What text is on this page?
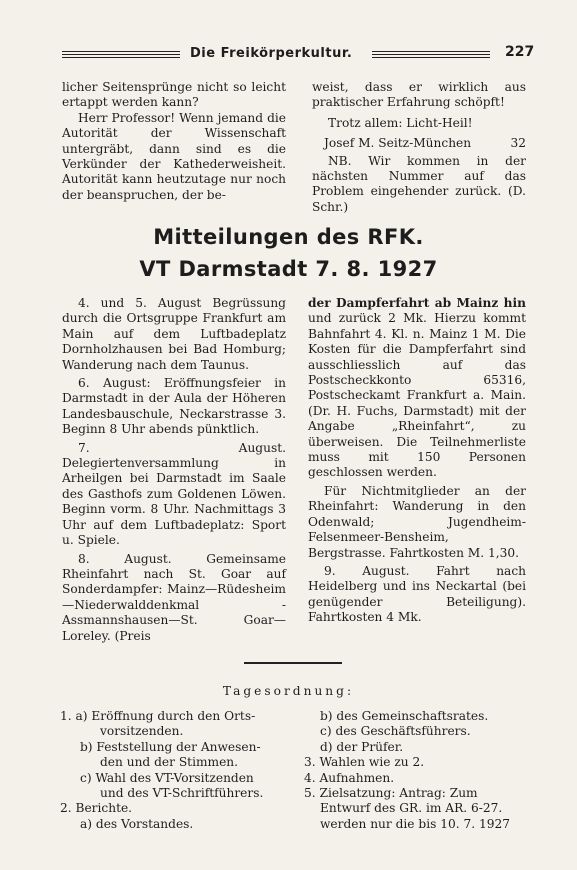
Die Freikörperkultur.	227

licher Seitensprünge nicht so leicht ertappt werden kann?

Herr Professor! Wenn jemand die Autorität der Wissenschaft untergräbt, dann sind es die Verkünder der Kathederweisheit. Autorität kann heutzutage nur noch der beanspruchen, der be-

weist, dass er wirklich aus praktischer Erfahrung schöpft!

Trotz allem: Licht-Heil!

Josef M. Seitz-München	32

NB. Wir kommen in der nächsten Nummer auf das Problem eingehender zurück. (D. Schr.)

Mitteilungen des RFK.
VT Darmstadt 7. 8. 1927

4. und 5. August Begrüssung durch die Ortsgruppe Frankfurt am Main auf dem Luftbadeplatz Dornholzhausen bei Bad Homburg; Wanderung nach dem Taunus.

6. August: Eröffnungsfeier in Darmstadt in der Aula der Höheren Landesbauschule, Neckarstrasse 3. Beginn 8 Uhr abends pünktlich.

7. August. Delegiertenversammlung in Arheilgen bei Darmstadt im Saale des Gasthofs zum Goldenen Löwen. Beginn vorm. 8 Uhr. Nachmittags 3 Uhr auf dem Luftbadeplatz: Sport u. Spiele.

8. August. Gemeinsame Rheinfahrt nach St. Goar auf Sonderdampfer: Mainz—Rüdesheim—Niederwalddenkmal - Assmannshausen—St. Goar—Loreley. (Preis

der Dampferfahrt ab Mainz hin und zurück 2 Mk. Hierzu kommt Bahnfahrt 4. Kl. n. Mainz 1 M. Die Kosten für die Dampferfahrt sind ausschliesslich auf das Postscheckkonto 65316, Postscheckamt Frankfurt a. Main. (Dr. H. Fuchs, Darmstadt) mit der Angabe „Rheinfahrt“, zu überweisen. Die Teilnehmerliste muss mit 150 Personen geschlossen werden.

Für Nichtmitglieder an der Rheinfahrt: Wanderung in den Odenwald; Jugendheim-Felsenmeer-Bensheim, Bergstrasse. Fahrtkosten M. 1,30.

9. August. Fahrt nach Heidelberg und ins Neckartal (bei genügender Beteiligung). Fahrtkosten 4 Mk.

Tagesordnung:
1. a) Eröffnung durch den Orts-
vorsitzenden.
b) Feststellung der Anwesen-
den und der Stimmen.
c) Wahl des VT-Vorsitzenden
und des VT-Schriftführers.
2. Berichte.
a) des Vorstandes.
b) des Gemeinschaftsrates.
c) des Geschäftsführers.
d) der Prüfer.
3. Wahlen wie zu 2.
4. Aufnahmen.
5. Zielsatzung: Antrag: Zum
Entwurf des GR. im AR. 6-27.
werden nur die bis 10. 7. 1927
